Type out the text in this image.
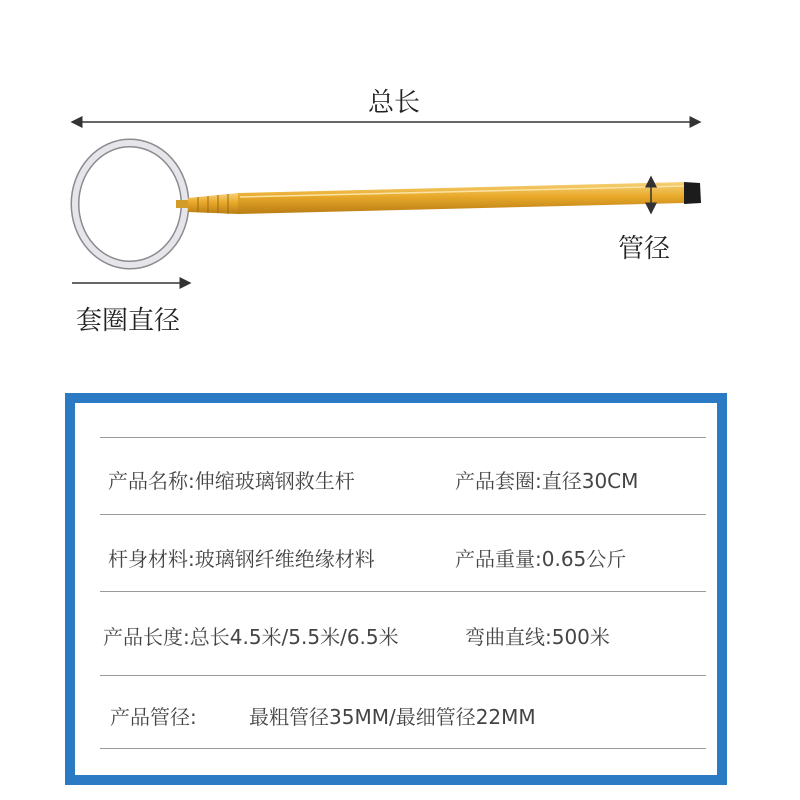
总长
管径
套圈直径
产品名称:伸缩玻璃钢救生杆	产品套圈:直径30CM
杆身材料:玻璃钢纤维绝缘材料	产品重量:0.65公斤
产品长度:总长4.5米/5.5米/6.5米	弯曲直线:500米
产品管径:	最粗管径35MM/最细管径22MM
